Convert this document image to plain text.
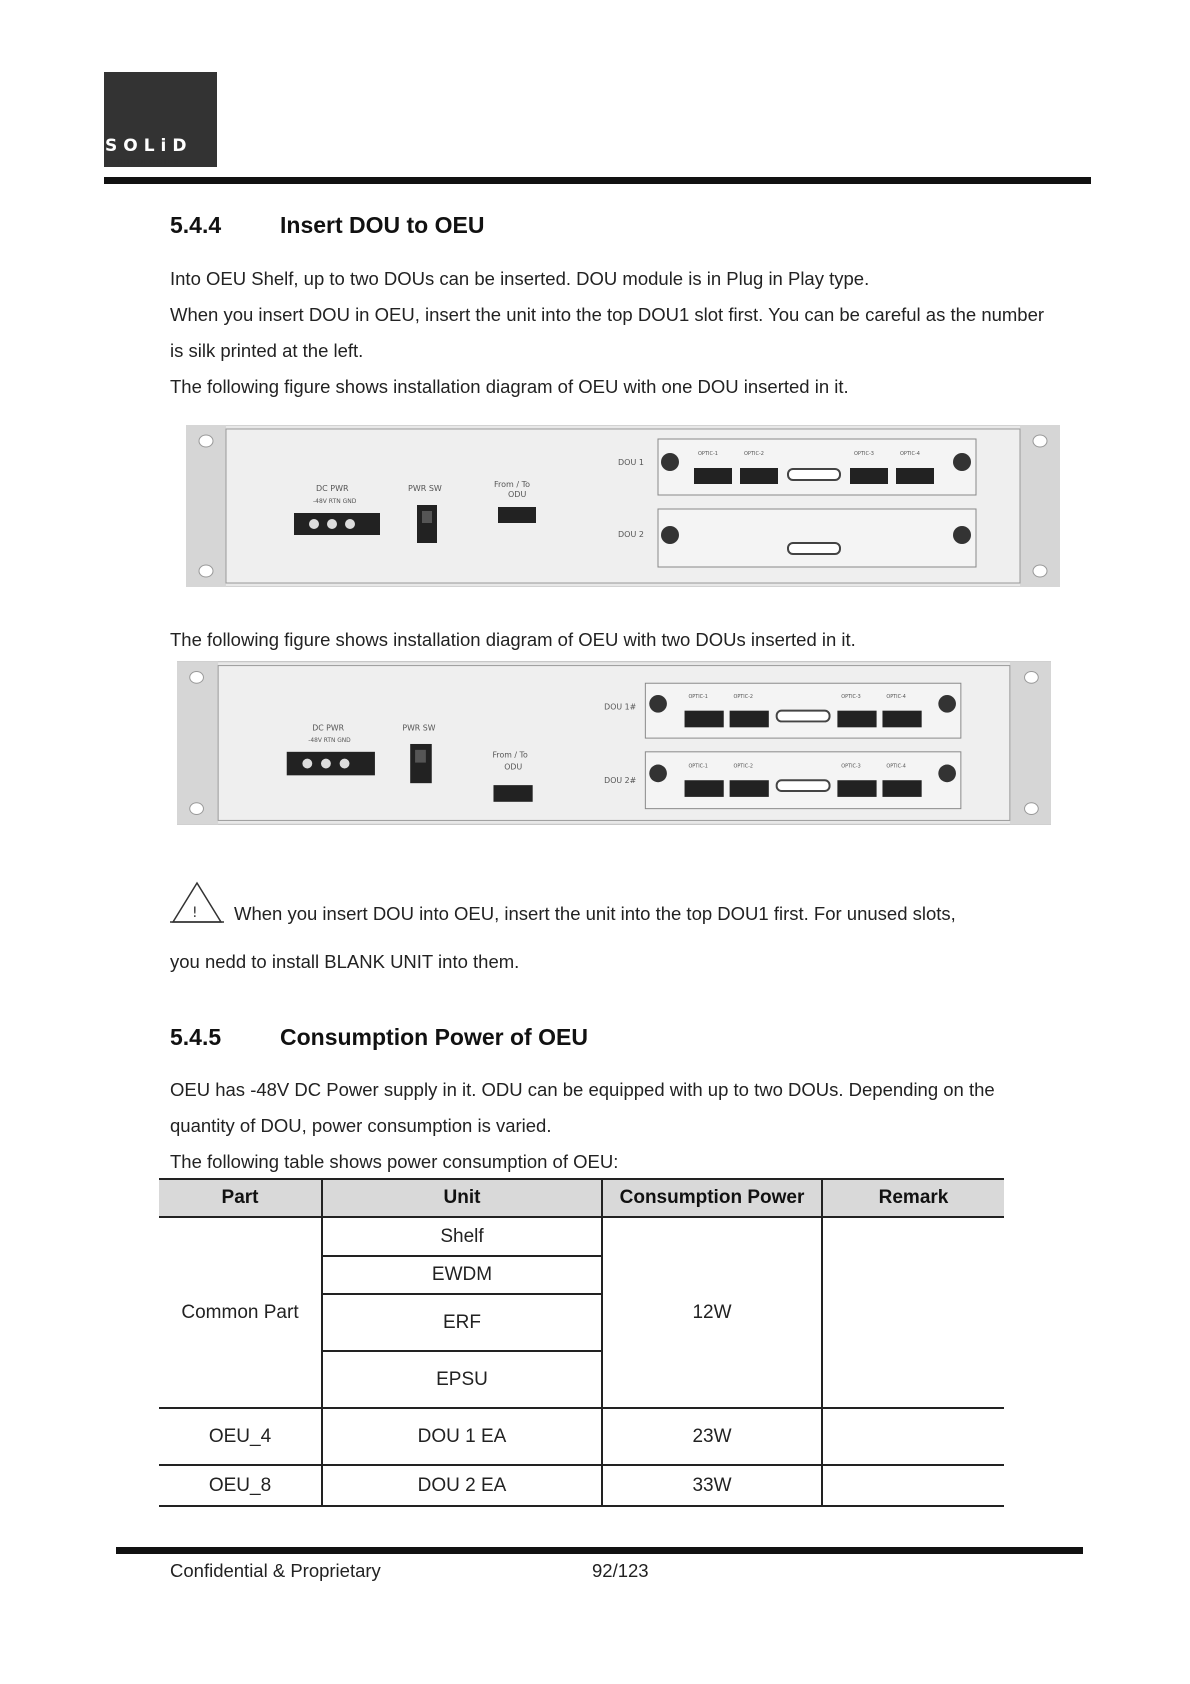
SOLiD
TECHNOLOGIES
5.4.4	Insert DOU to OEU

Into OEU Shelf, up to two DOUs can be inserted. DOU module is in Plug in Play type.

When you insert DOU in OEU, insert the unit into the top DOU1 slot first. You can be careful as the number is silk printed at the left.

The following figure shows installation diagram of OEU with one DOU inserted in it.

DC PWR
-48V RTN GND
PWR SW	From / To
ODU
DOU 1
OPTIC-1	OPTIC-2	OPTIC-3	OPTIC-4
DOU 2

The following figure shows installation diagram of OEU with two DOUs inserted in it.

DC PWR
-48V RTN GND
PWR SW
From / To
ODU
DOU 1#
OPTIC-1	OPTIC-2	OPTIC-3	OPTIC-4
DOU 2#
OPTIC-1	OPTIC-2	OPTIC-3	OPTIC-4
! When you insert DOU into OEU, insert the unit into the top DOU1 first. For unused slots,
you nedd to install BLANK UNIT into them.
5.4.5	Consumption Power of OEU

OEU has -48V DC Power supply in it. ODU can be equipped with up to two DOUs. Depending on the quantity of DOU, power consumption is varied.

The following table shows power consumption of OEU:

Part	Unit	Consumption Power	Remark
Common Part	Shelf	12W	
	EWDM		
	ERF		
	EPSU		
OEU_4	DOU 1 EA	23W	
OEU_8	DOU 2 EA	33W	
Confidential & Proprietary	92/123
